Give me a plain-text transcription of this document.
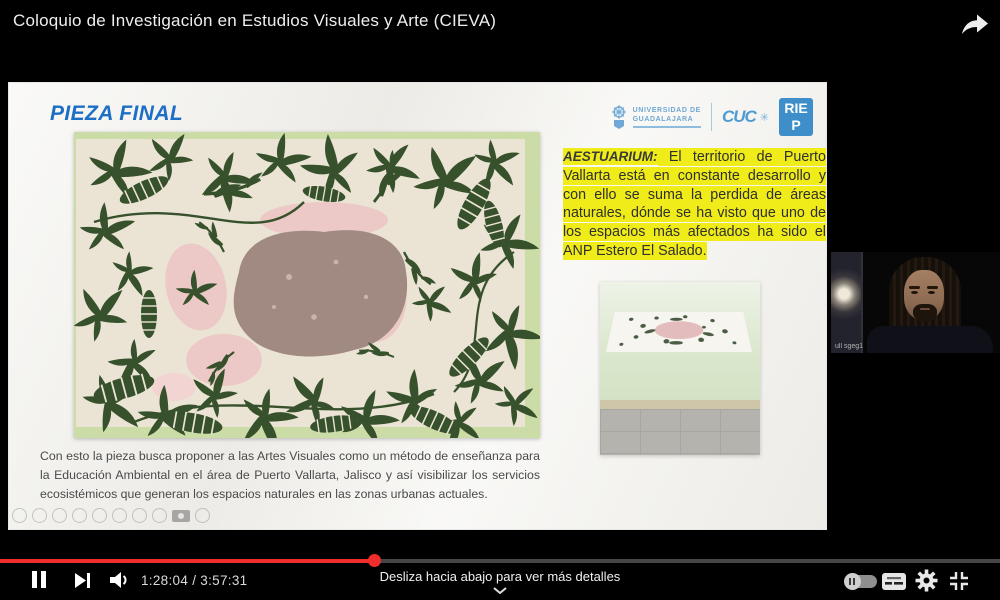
Coloquio de Investigación en Estudios Visuales y Arte (CIEVA)
PIEZA FINAL	UNIVERSIDAD DE
GUADALAJARA	CUC ✳
RIEP

AESTUARIUM: El territorio de Puerto Vallarta está en constante desarrollo y con ello se suma la perdida de áreas naturales, dónde se ha visto que uno de los espacios más afectados ha sido el ANP Estero El Salado.

Con esto la pieza busca proponer a las Artes Visuales como un método de enseñanza para la Educación Ambiental en el área de Puerto Vallarta, Jalisco y así visibilizar los servicios ecosistémicos que generan los espacios naturales en las zonas urbanas actuales.

ull sgeg1
1:28:04 / 3:57:31	Desliza hacia abajo para ver más detalles
